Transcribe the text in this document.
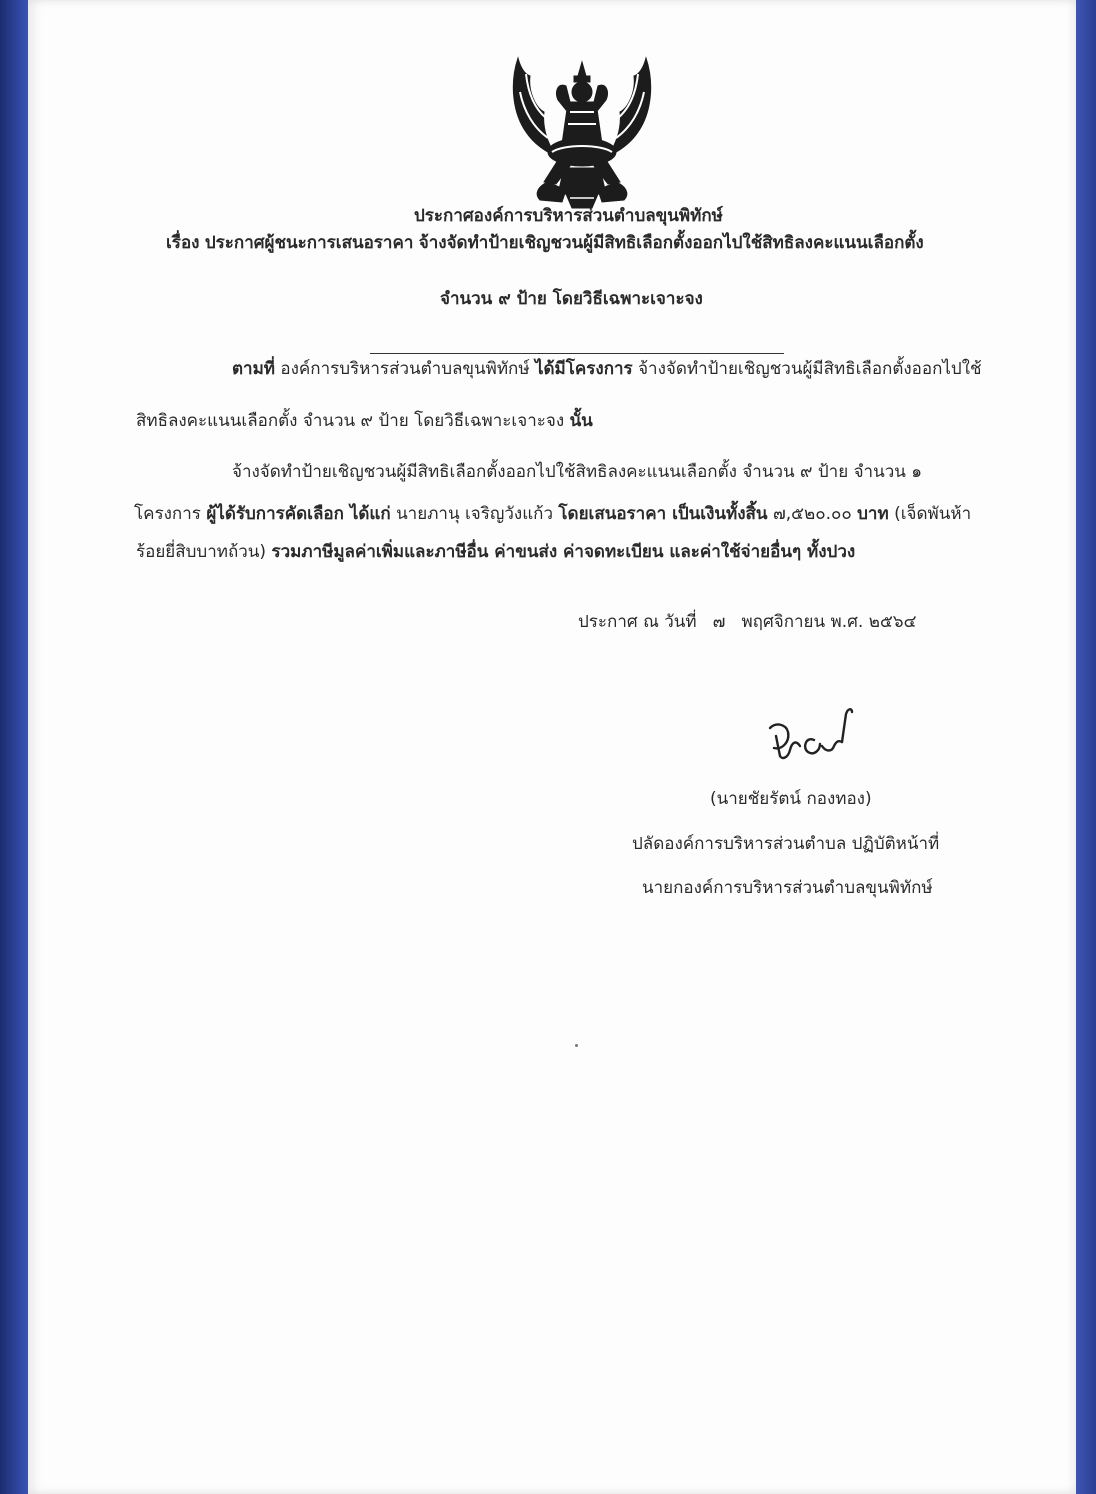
ประกาศองค์การบริหารส่วนตำบลขุนพิทักษ์
เรื่อง ประกาศผู้ชนะการเสนอราคา จ้างจัดทำป้ายเชิญชวนผู้มีสิทธิเลือกตั้งออกไปใช้สิทธิลงคะแนนเลือกตั้ง
จำนวน ๙ ป้าย โดยวิธีเฉพาะเจาะจง
ตามที่ องค์การบริหารส่วนตำบลขุนพิทักษ์ ได้มีโครงการ จ้างจัดทำป้ายเชิญชวนผู้มีสิทธิเลือกตั้งออกไปใช้
สิทธิลงคะแนนเลือกตั้ง จำนวน ๙ ป้าย โดยวิธีเฉพาะเจาะจง นั้น
จ้างจัดทำป้ายเชิญชวนผู้มีสิทธิเลือกตั้งออกไปใช้สิทธิลงคะแนนเลือกตั้ง จำนวน ๙ ป้าย จำนวน ๑
โครงการ ผู้ได้รับการคัดเลือก ได้แก่ นายภานุ เจริญวังแก้ว โดยเสนอราคา เป็นเงินทั้งสิ้น ๗,๕๒๐.๐๐ บาท (เจ็ดพันห้า
ร้อยยี่สิบบาทถ้วน) รวมภาษีมูลค่าเพิ่มและภาษีอื่น ค่าขนส่ง ค่าจดทะเบียน และค่าใช้จ่ายอื่นๆ ทั้งปวง
ประกาศ ณ วันที่ ๗ พฤศจิกายน พ.ศ. ๒๕๖๔
(นายชัยรัตน์ กองทอง)
ปลัดองค์การบริหารส่วนตำบล ปฏิบัติหน้าที่
นายกองค์การบริหารส่วนตำบลขุนพิทักษ์
